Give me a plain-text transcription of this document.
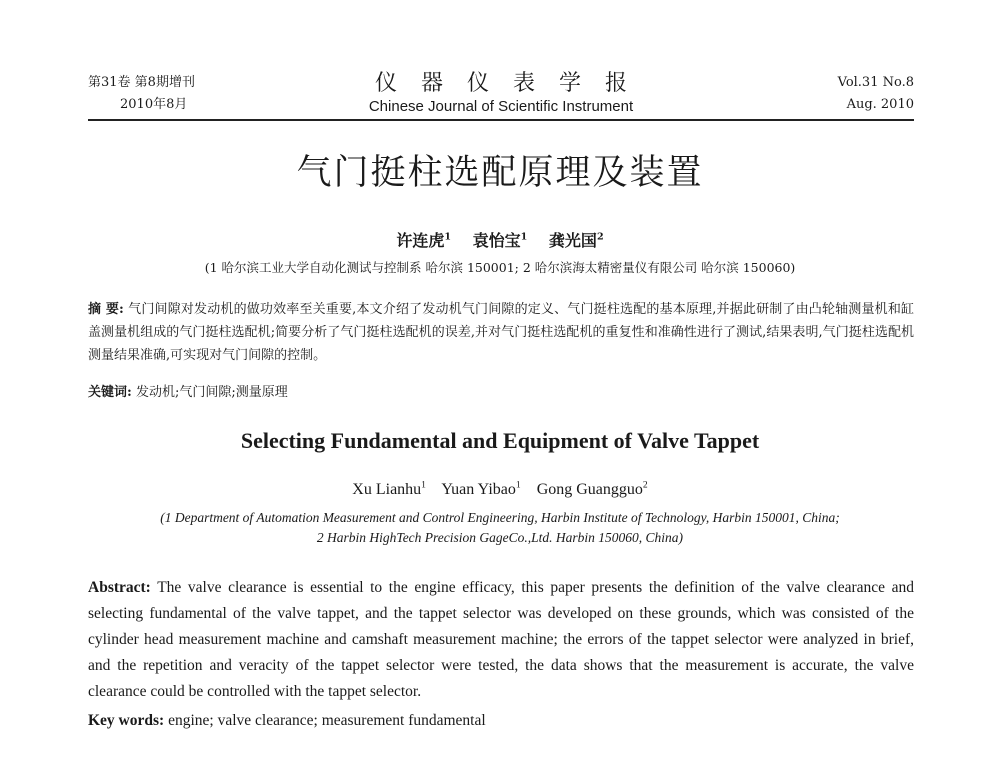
第31卷 第8期增刊
2010年8月
仪器仪表学报
Chinese Journal of Scientific Instrument
Vol.31 No.8
Aug. 2010
气门挺柱选配原理及装置
许连虎$^1$ 袁怡宝$^1$ 龚光国$^2$
(1 哈尔滨工业大学自动化测试与控制系 哈尔滨 150001; 2 哈尔滨海太精密量仪有限公司 哈尔滨 150060)
摘 要: 气门间隙对发动机的做功效率至关重要,本文介绍了发动机气门间隙的定义、气门挺柱选配的基本原理,并据此研制了由凸轮轴测量机和缸盖测量机组成的气门挺柱选配机;简要分析了气门挺柱选配机的误差,并对气门挺柱选配机的重复性和准确性进行了测试,结果表明,气门挺柱选配机测量结果准确,可实现对气门间隙的控制。
关键词: 发动机;气门间隙;测量原理
Selecting Fundamental and Equipment of Valve Tappet
Xu Lianhu$^1$ Yuan Yibao$^1$ Gong Guangguo$^2$
(1 Department of Automation Measurement and Control Engineering, Harbin Institute of Technology, Harbin 150001, China;
2 Harbin HighTech Precision GageCo.,Ltd. Harbin 150060, China)
Abstract: The valve clearance is essential to the engine efficacy, this paper presents the definition of the valve clearance and selecting fundamental of the valve tappet, and the tappet selector was developed on these grounds, which was consisted of the cylinder head measurement machine and camshaft measurement machine; the errors of the tappet selector were analyzed in brief, and the repetition and veracity of the tappet selector were tested, the data shows that the measurement is accurate, the valve clearance could be controlled with the tappet selector.
Key words: engine; valve clearance; measurement fundamental
